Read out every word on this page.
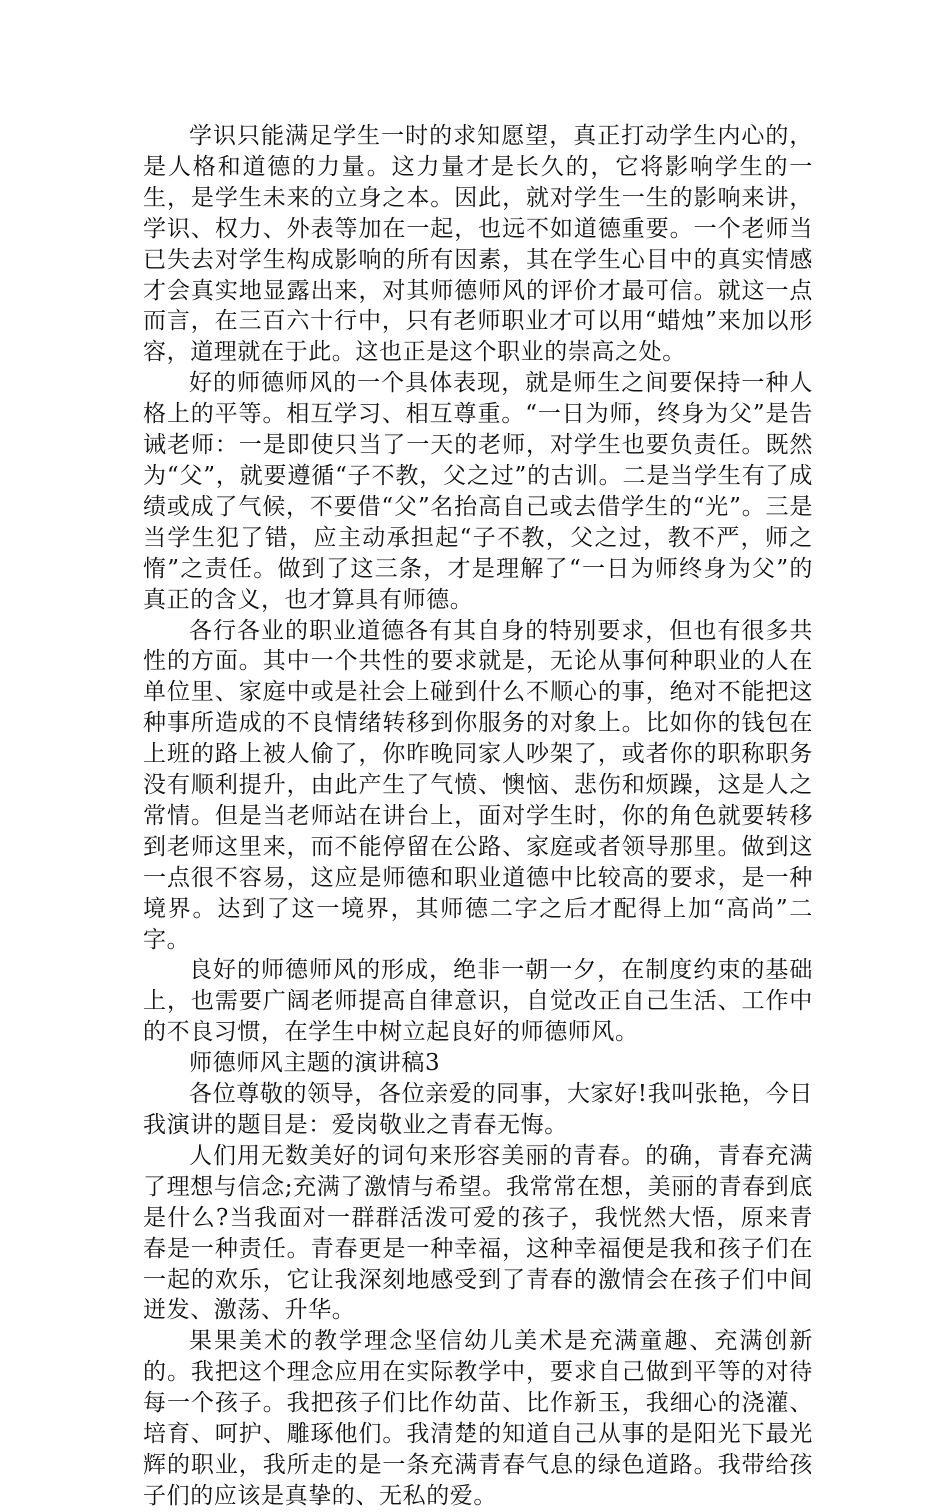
学识只能满足学生一时的求知愿望，真正打动学生内心的，是人格和道德的力量。这力量才是长久的，它将影响学生的一生，是学生未来的立身之本。因此，就对学生一生的影响来讲，学识、权力、外表等加在一起，也远不如道德重要。一个老师当已失去对学生构成影响的所有因素，其在学生心目中的真实情感才会真实地显露出来，对其师德师风的评价才最可信。就这一点而言，在三百六十行中，只有老师职业才可以用“蜡烛”来加以形容，道理就在于此。这也正是这个职业的崇高之处。

好的师德师风的一个具体表现，就是师生之间要保持一种人格上的平等。相互学习、相互尊重。“一日为师，终身为父”是告诫老师：一是即使只当了一天的老师，对学生也要负责任。既然为“父”，就要遵循“子不教，父之过”的古训。二是当学生有了成绩或成了气候，不要借“父”名抬高自己或去借学生的“光”。三是当学生犯了错，应主动承担起“子不教，父之过，教不严，师之惰”之责任。做到了这三条，才是理解了“一日为师终身为父”的真正的含义，也才算具有师德。

各行各业的职业道德各有其自身的特别要求，但也有很多共性的方面。其中一个共性的要求就是，无论从事何种职业的人在单位里、家庭中或是社会上碰到什么不顺心的事，绝对不能把这种事所造成的不良情绪转移到你服务的对象上。比如你的钱包在上班的路上被人偷了，你昨晚同家人吵架了，或者你的职称职务没有顺利提升，由此产生了气愤、懊恼、悲伤和烦躁，这是人之常情。但是当老师站在讲台上，面对学生时，你的角色就要转移到老师这里来，而不能停留在公路、家庭或者领导那里。做到这一点很不容易，这应是师德和职业道德中比较高的要求，是一种境界。达到了这一境界，其师德二字之后才配得上加“高尚”二字。

良好的师德师风的形成，绝非一朝一夕，在制度约束的基础上，也需要广阔老师提高自律意识，自觉改正自己生活、工作中的不良习惯，在学生中树立起良好的师德师风。

师德师风主题的演讲稿3

各位尊敬的领导，各位亲爱的同事，大家好!我叫张艳，今日我演讲的题目是：爱岗敬业之青春无悔。

人们用无数美好的词句来形容美丽的青春。的确，青春充满了理想与信念;充满了激情与希望。我常常在想，美丽的青春到底是什么?当我面对一群群活泼可爱的孩子，我恍然大悟，原来青春是一种责任。青春更是一种幸福，这种幸福便是我和孩子们在一起的欢乐，它让我深刻地感受到了青春的激情会在孩子们中间迸发、激荡、升华。

果果美术的教学理念坚信幼儿美术是充满童趣、充满创新的。我把这个理念应用在实际教学中，要求自己做到平等的对待每一个孩子。我把孩子们比作幼苗、比作新玉，我细心的浇灌、培育、呵护、雕琢他们。我清楚的知道自己从事的是阳光下最光辉的职业，我所走的是一条充满青春气息的绿色道路。我带给孩子们的应该是真挚的、无私的爱。
